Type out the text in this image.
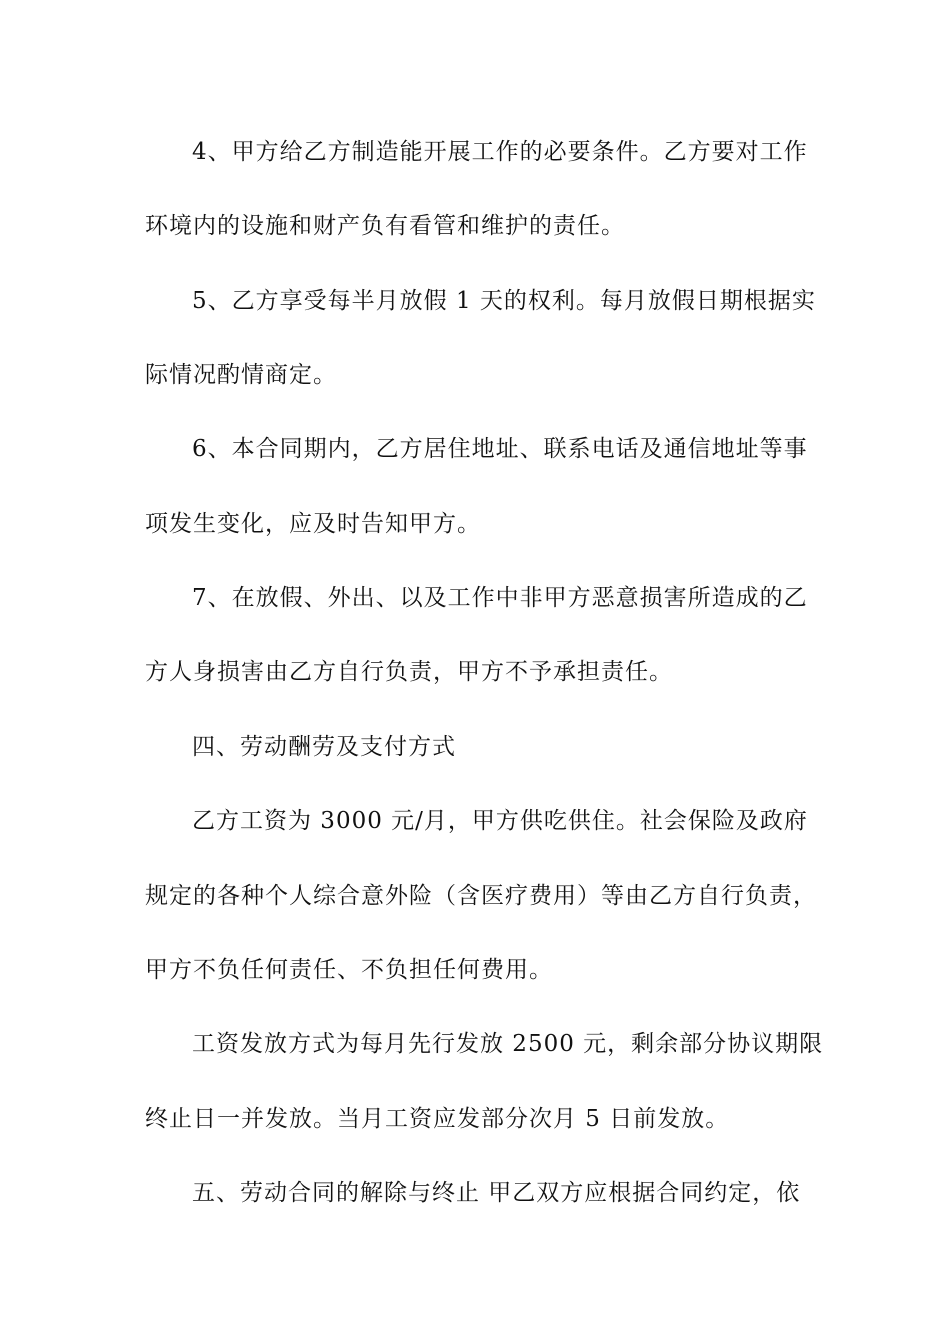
4、甲方给乙方制造能开展工作的必要条件。乙方要对工作
环境内的设施和财产负有看管和维护的责任。
5、乙方享受每半月放假 1 天的权利。每月放假日期根据实
际情况酌情商定。
6、本合同期内，乙方居住地址、联系电话及通信地址等事
项发生变化，应及时告知甲方。
7、在放假、外出、以及工作中非甲方恶意损害所造成的乙
方人身损害由乙方自行负责，甲方不予承担责任。
四、劳动酬劳及支付方式
乙方工资为 3000 元/月，甲方供吃供住。社会保险及政府
规定的各种个人综合意外险（含医疗费用）等由乙方自行负责，
甲方不负任何责任、不负担任何费用。
工资发放方式为每月先行发放 2500 元，剩余部分协议期限
终止日一并发放。当月工资应发部分次月 5 日前发放。
五、劳动合同的解除与终止 甲乙双方应根据合同约定，依
